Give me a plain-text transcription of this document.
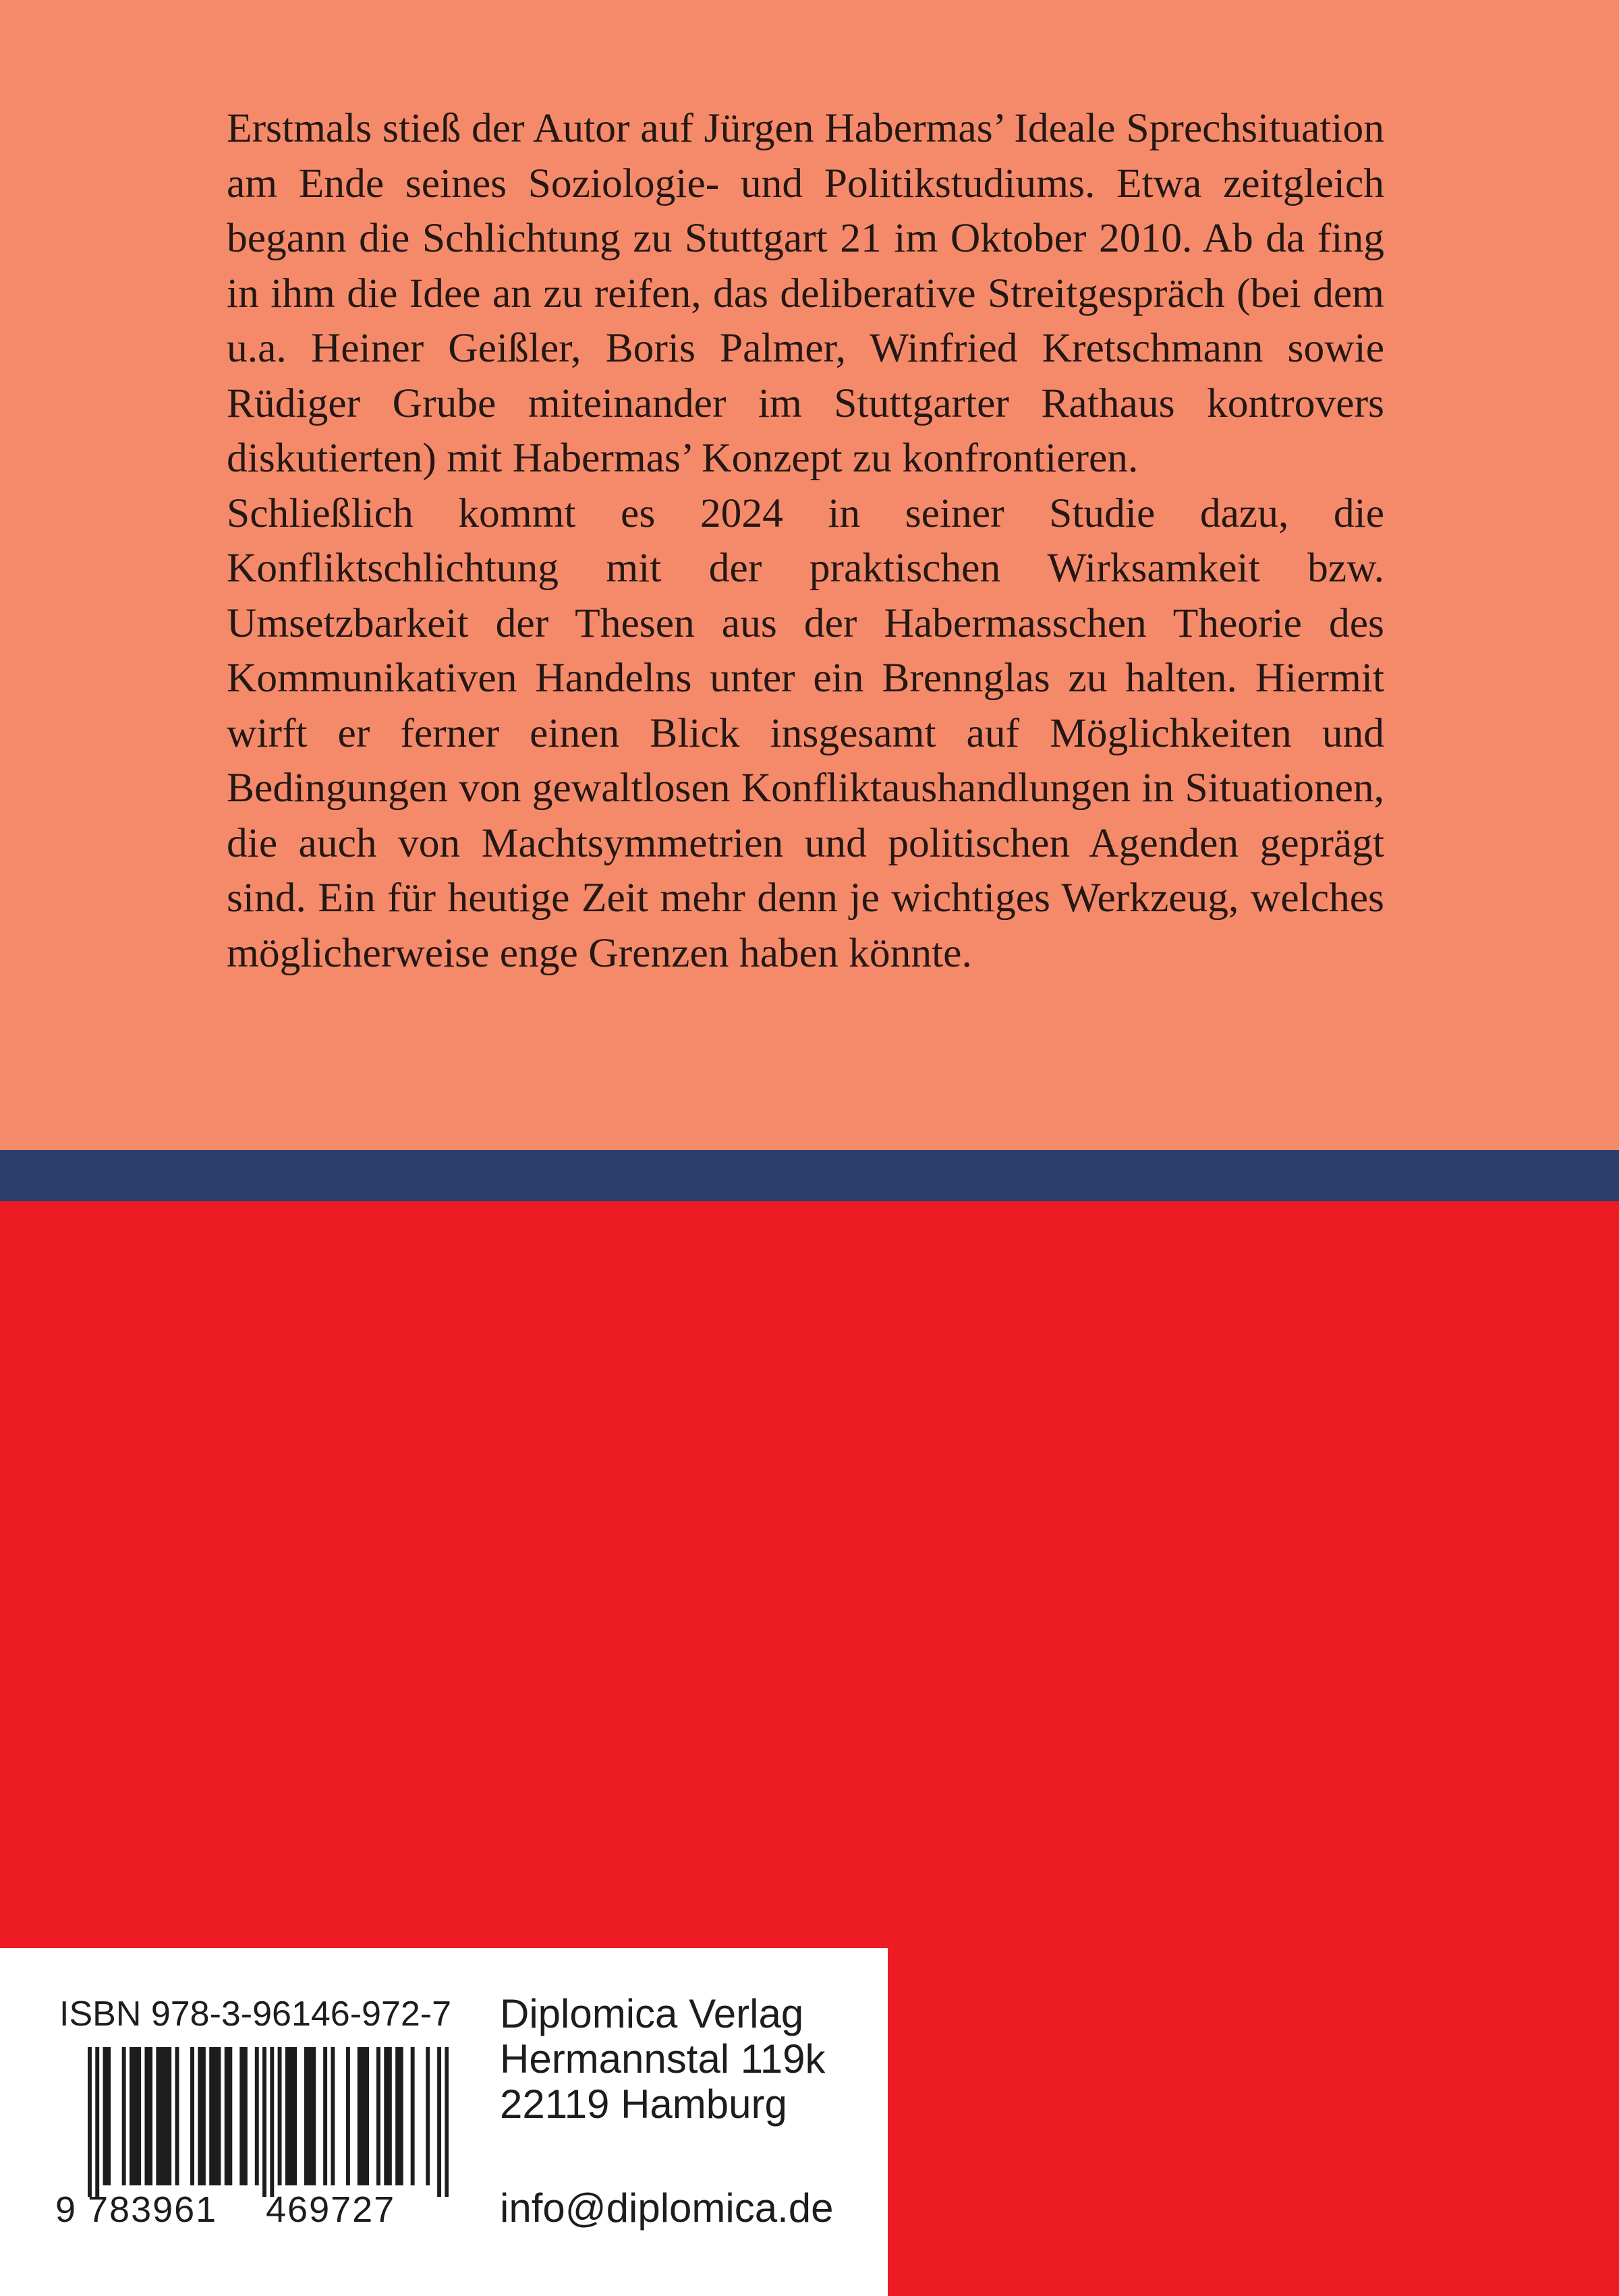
Erstmals stieß der Autor auf Jürgen Habermas’ Ideale Sprechsituation am Ende seines Soziologie- und Politikstudiums. Etwa zeitgleich begann die Schlichtung zu Stuttgart 21 im Oktober 2010. Ab da fing in ihm die Idee an zu reifen, das deliberative Streitgespräch (bei dem u.a. Heiner Geißler, Boris Palmer, Winfried Kretschmann sowie Rüdiger Grube miteinander im Stuttgarter Rathaus kontrovers diskutierten) mit Habermas’ Konzept zu konfrontieren.

Schließlich kommt es 2024 in seiner Studie dazu, die Konfliktschlichtung mit der praktischen Wirksamkeit bzw. Umsetzbarkeit der Thesen aus der Habermasschen Theorie des Kommunikativen Handelns unter ein Brennglas zu halten. Hiermit wirft er ferner einen Blick insgesamt auf Möglichkeiten und Bedingungen von gewaltlosen Konfliktaushandlungen in Situationen, die auch von Machtsymmetrien und politischen Agenden geprägt sind. Ein für heutige Zeit mehr denn je wichtiges Werkzeug, welches möglicherweise enge Grenzen haben könnte.

ISBN 978-3-96146-972-7
9 783961 469727
Diplomica Verlag
Hermannstal 119k
22119 Hamburg
info@diplomica.de
